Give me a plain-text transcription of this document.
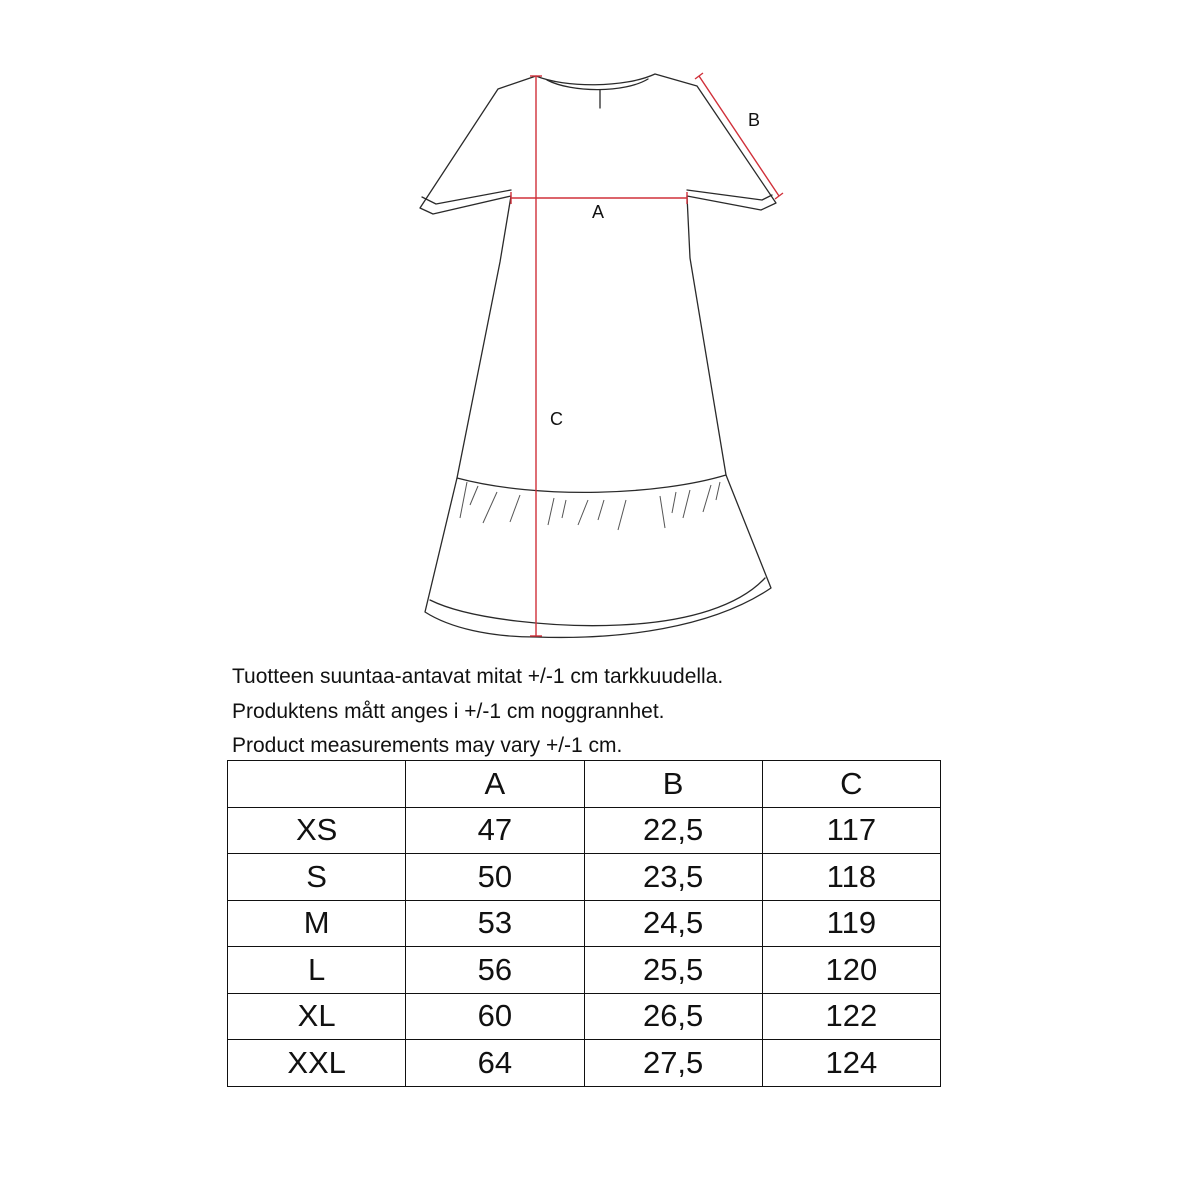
A
B
C
Tuotteen suuntaa-antavat mitat +/-1 cm tarkkuudella.
Produktens mått anges i +/-1 cm noggrannhet.
Product measurements may vary +/-1 cm.
	A	B	C
XS	47	22,5	117
S	50	23,5	118
M	53	24,5	119
L	56	25,5	120
XL	60	26,5	122
XXL	64	27,5	124
